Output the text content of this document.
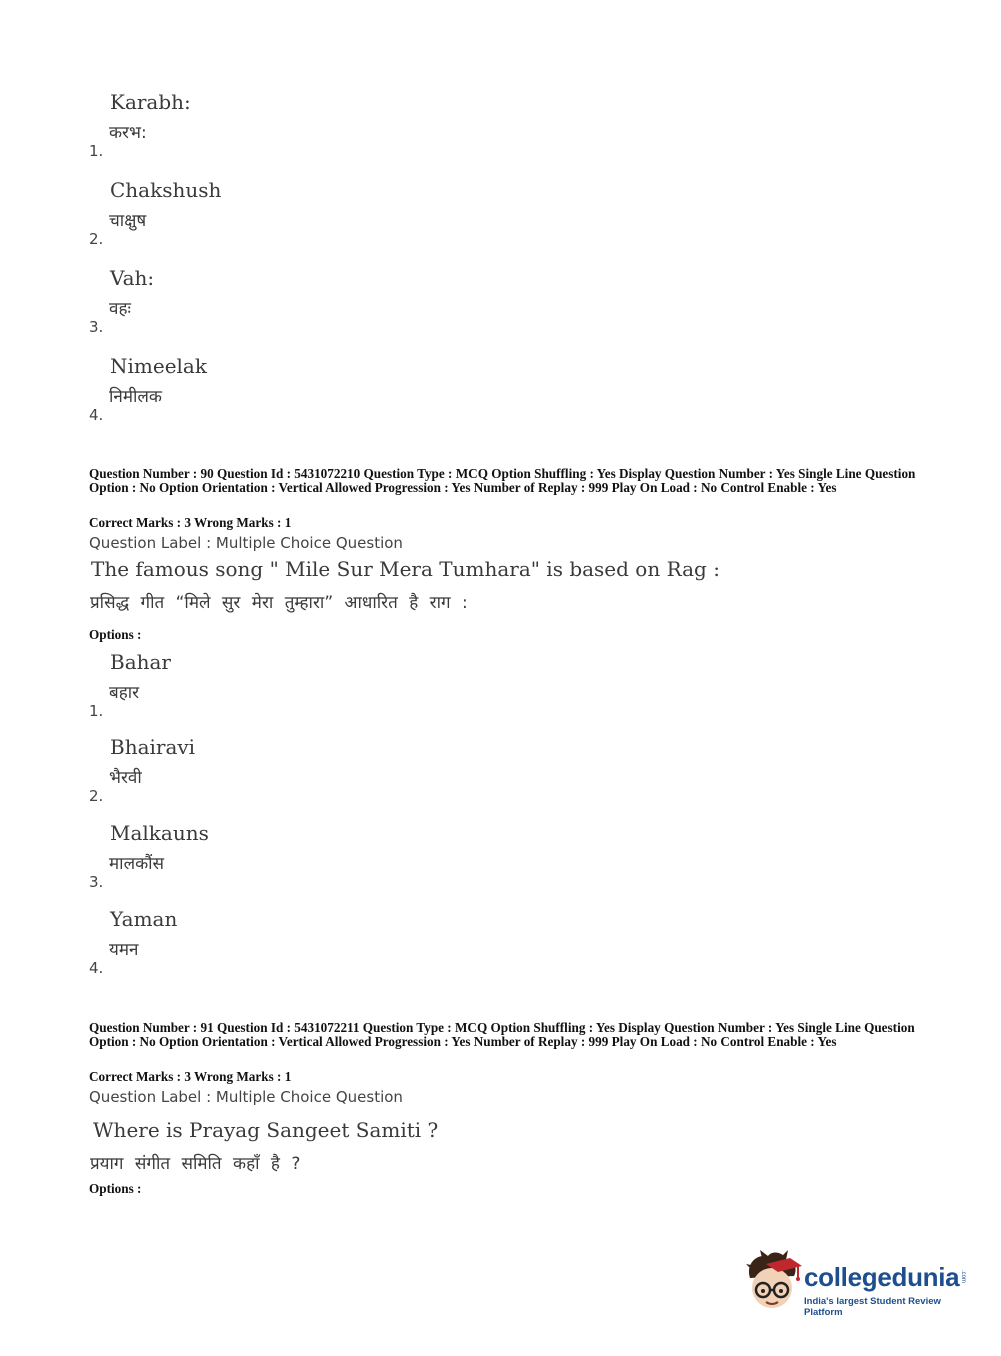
Karabh:
करभ:
1.
Chakshush
चाक्षुष
2.
Vah:
वहः
3.
Nimeelak
निमीलक
4.
Question Number : 90 Question Id : 5431072210 Question Type : MCQ Option Shuffling : Yes Display Question Number : Yes Single Line Question Option : No Option Orientation : Vertical Allowed Progression : Yes Number of Replay : 999 Play On Load : No Control Enable : Yes
Correct Marks : 3 Wrong Marks : 1
Question Label : Multiple Choice Question
The famous song " Mile Sur Mera Tumhara" is based on Rag :
प्रसिद्ध गीत “मिले सुर मेरा तुम्हारा” आधारित है राग :
Options :
Bahar
बहार
1.
Bhairavi
भैरवी
2.
Malkauns
मालकौंस
3.
Yaman
यमन
4.
Question Number : 91 Question Id : 5431072211 Question Type : MCQ Option Shuffling : Yes Display Question Number : Yes Single Line Question Option : No Option Orientation : Vertical Allowed Progression : Yes Number of Replay : 999 Play On Load : No Control Enable : Yes
Correct Marks : 3 Wrong Marks : 1
Question Label : Multiple Choice Question
Where is Prayag Sangeet Samiti ?
प्रयाग संगीत समिति कहाँ है ?
Options :
collegedunia .com
India's largest Student Review Platform
